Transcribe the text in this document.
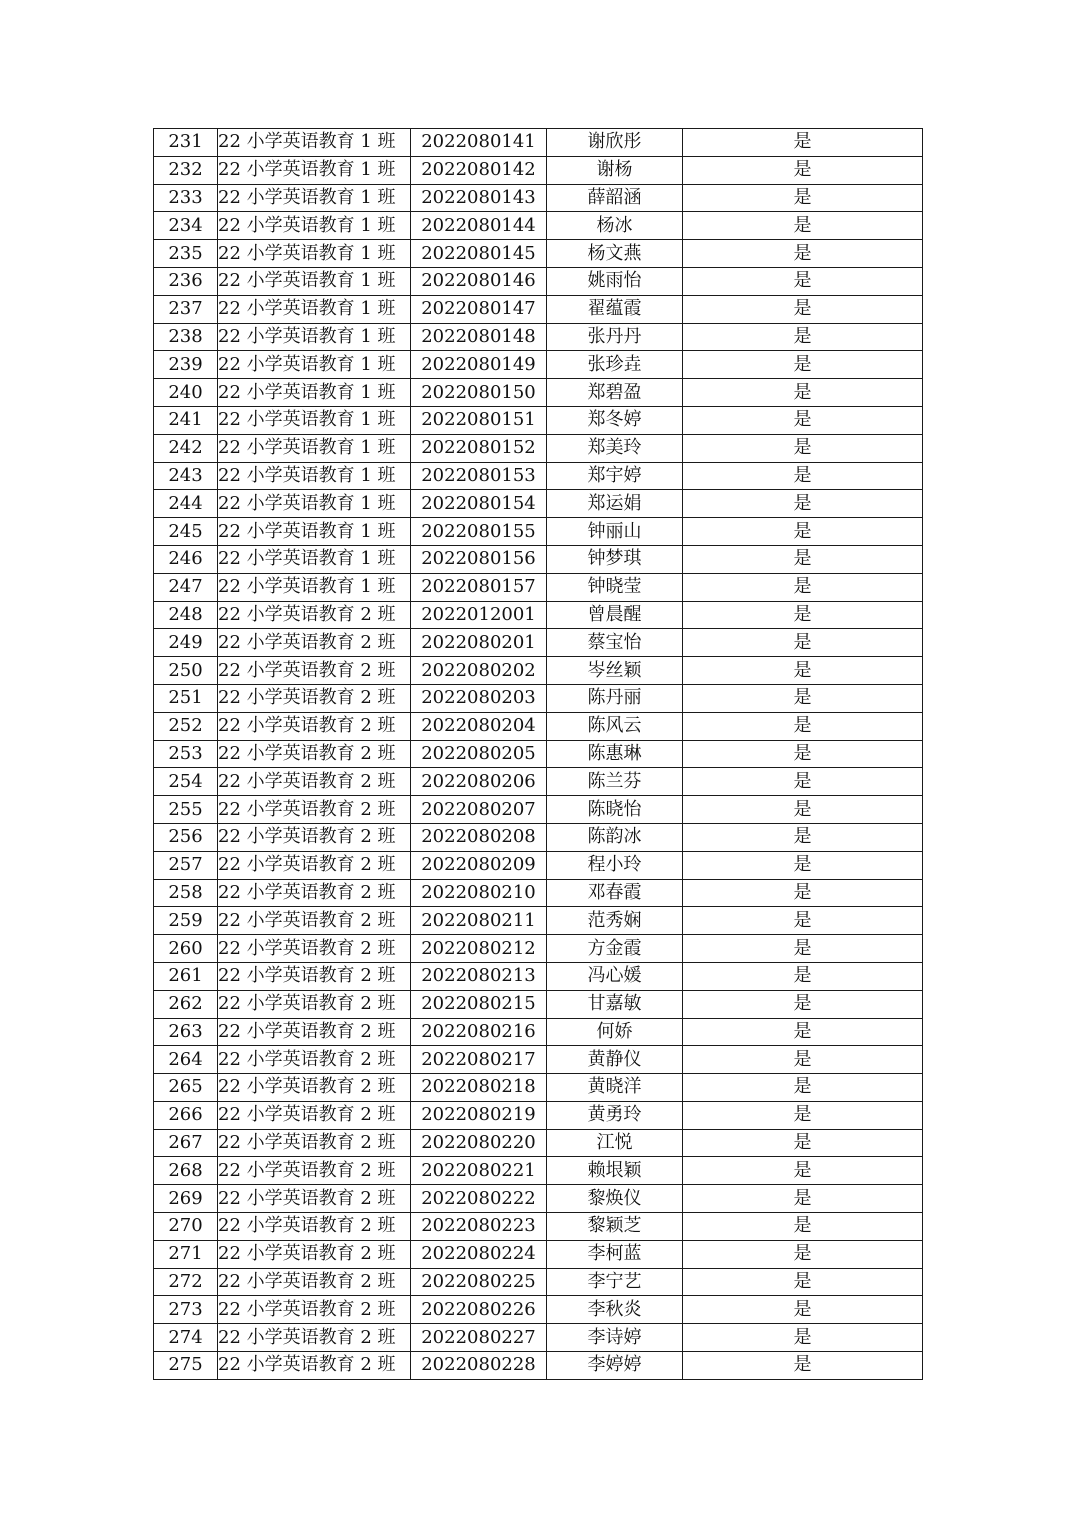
231	22 小学英语教育 1 班	2022080141	谢欣彤	是
232	22 小学英语教育 1 班	2022080142	谢杨	是
233	22 小学英语教育 1 班	2022080143	薛韶涵	是
234	22 小学英语教育 1 班	2022080144	杨冰	是
235	22 小学英语教育 1 班	2022080145	杨文燕	是
236	22 小学英语教育 1 班	2022080146	姚雨怡	是
237	22 小学英语教育 1 班	2022080147	翟蕴霞	是
238	22 小学英语教育 1 班	2022080148	张丹丹	是
239	22 小学英语教育 1 班	2022080149	张珍垚	是
240	22 小学英语教育 1 班	2022080150	郑碧盈	是
241	22 小学英语教育 1 班	2022080151	郑冬婷	是
242	22 小学英语教育 1 班	2022080152	郑美玲	是
243	22 小学英语教育 1 班	2022080153	郑宇婷	是
244	22 小学英语教育 1 班	2022080154	郑运娟	是
245	22 小学英语教育 1 班	2022080155	钟丽山	是
246	22 小学英语教育 1 班	2022080156	钟梦琪	是
247	22 小学英语教育 1 班	2022080157	钟晓莹	是
248	22 小学英语教育 2 班	2022012001	曾晨醒	是
249	22 小学英语教育 2 班	2022080201	蔡宝怡	是
250	22 小学英语教育 2 班	2022080202	岑丝颖	是
251	22 小学英语教育 2 班	2022080203	陈丹丽	是
252	22 小学英语教育 2 班	2022080204	陈风云	是
253	22 小学英语教育 2 班	2022080205	陈惠琳	是
254	22 小学英语教育 2 班	2022080206	陈兰芬	是
255	22 小学英语教育 2 班	2022080207	陈晓怡	是
256	22 小学英语教育 2 班	2022080208	陈韵冰	是
257	22 小学英语教育 2 班	2022080209	程小玲	是
258	22 小学英语教育 2 班	2022080210	邓春霞	是
259	22 小学英语教育 2 班	2022080211	范秀娴	是
260	22 小学英语教育 2 班	2022080212	方金霞	是
261	22 小学英语教育 2 班	2022080213	冯心媛	是
262	22 小学英语教育 2 班	2022080215	甘嘉敏	是
263	22 小学英语教育 2 班	2022080216	何娇	是
264	22 小学英语教育 2 班	2022080217	黄静仪	是
265	22 小学英语教育 2 班	2022080218	黄晓洋	是
266	22 小学英语教育 2 班	2022080219	黄勇玲	是
267	22 小学英语教育 2 班	2022080220	江悦	是
268	22 小学英语教育 2 班	2022080221	赖垠颖	是
269	22 小学英语教育 2 班	2022080222	黎焕仪	是
270	22 小学英语教育 2 班	2022080223	黎颖芝	是
271	22 小学英语教育 2 班	2022080224	李柯蓝	是
272	22 小学英语教育 2 班	2022080225	李宁艺	是
273	22 小学英语教育 2 班	2022080226	李秋炎	是
274	22 小学英语教育 2 班	2022080227	李诗婷	是
275	22 小学英语教育 2 班	2022080228	李婷婷	是
